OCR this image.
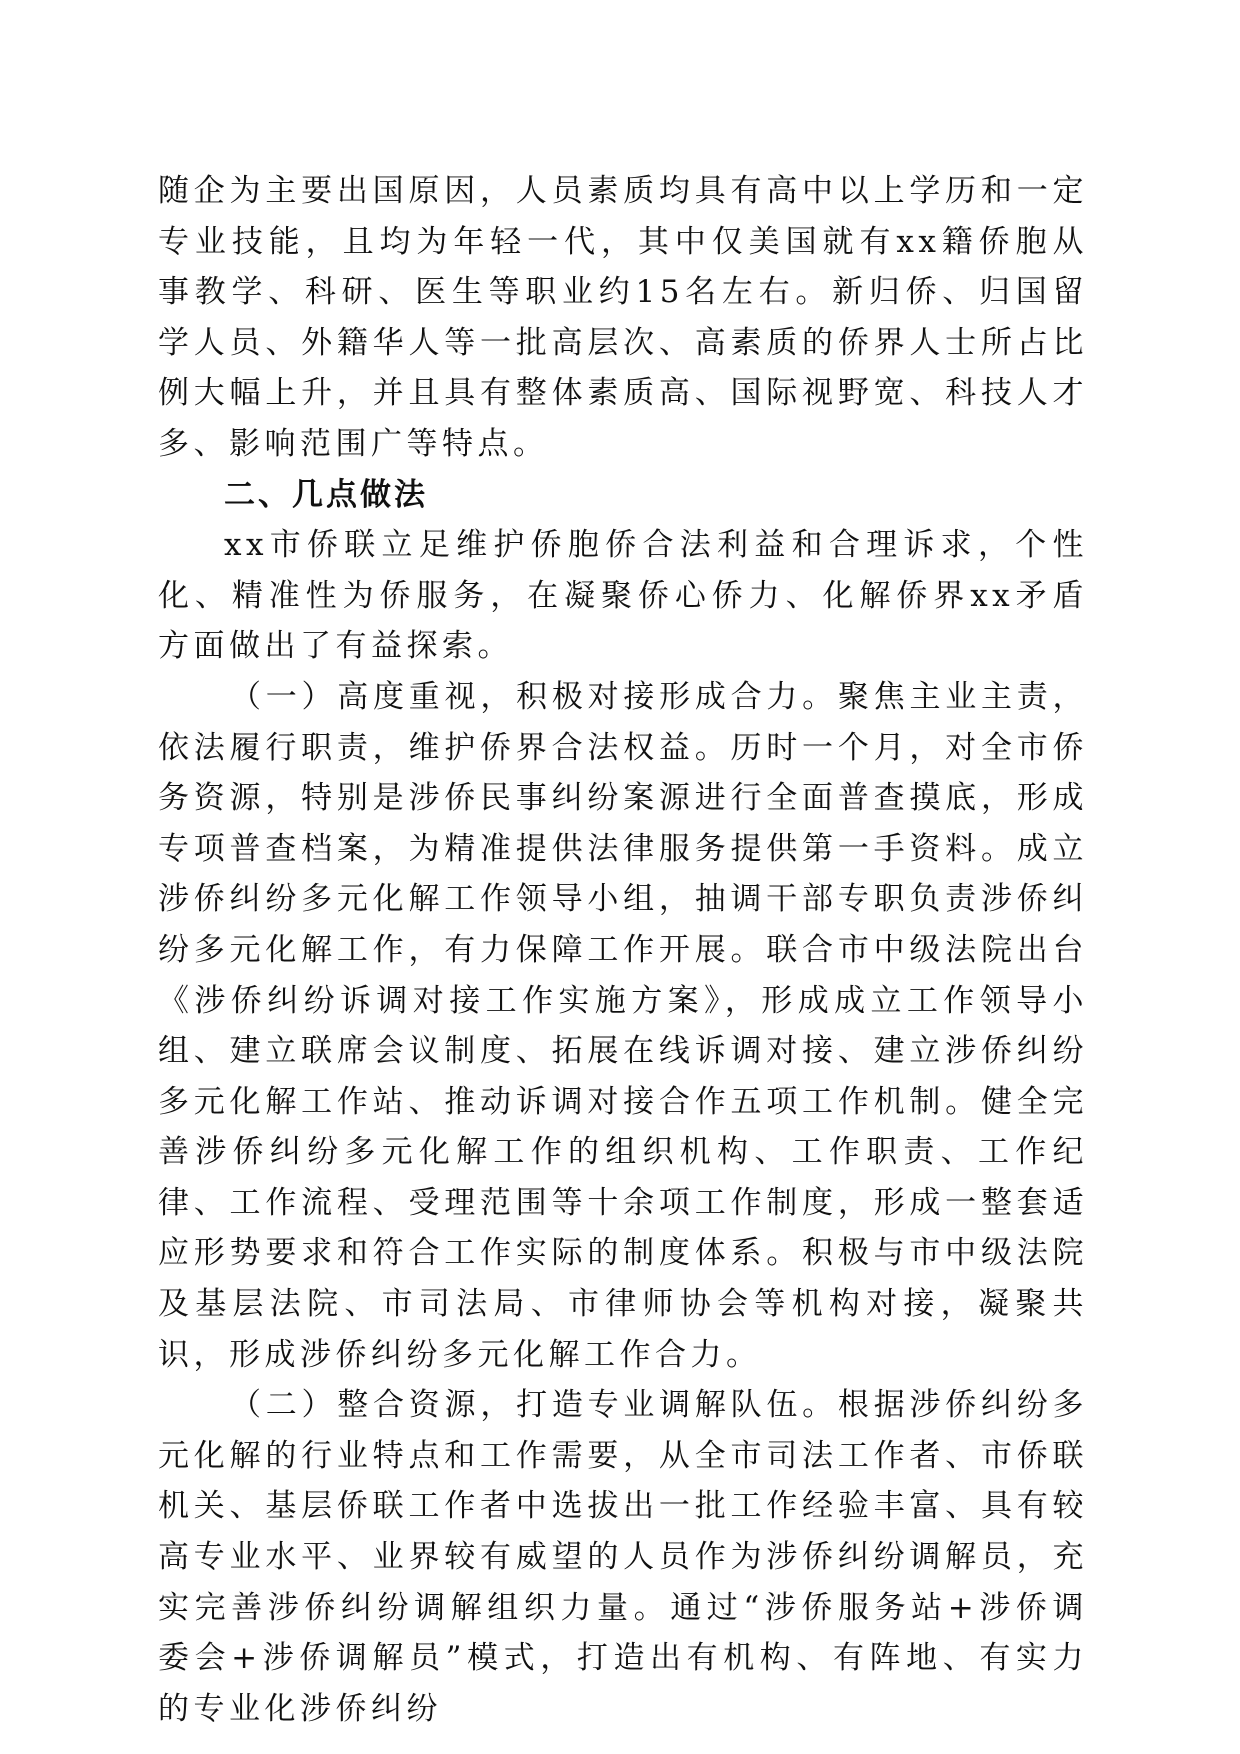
随企为主要出国原因，人员素质均具有高中以上学历和一定专业技能，且均为年轻一代，其中仅美国就有xx籍侨胞从事教学、科研、医生等职业约15名左右。新归侨、归国留学人员、外籍华人等一批高层次、高素质的侨界人士所占比例大幅上升，并且具有整体素质高、国际视野宽、科技人才多、影响范围广等特点。

二、几点做法

xx市侨联立足维护侨胞侨合法利益和合理诉求，个性化、精准性为侨服务，在凝聚侨心侨力、化解侨界xx矛盾方面做出了有益探索。

（一）高度重视，积极对接形成合力。聚焦主业主责，依法履行职责，维护侨界合法权益。历时一个月，对全市侨务资源，特别是涉侨民事纠纷案源进行全面普查摸底，形成专项普查档案，为精准提供法律服务提供第一手资料。成立涉侨纠纷多元化解工作领导小组，抽调干部专职负责涉侨纠纷多元化解工作，有力保障工作开展。联合市中级法院出台《涉侨纠纷诉调对接工作实施方案》，形成成立工作领导小组、建立联席会议制度、拓展在线诉调对接、建立涉侨纠纷多元化解工作站、推动诉调对接合作五项工作机制。健全完善涉侨纠纷多元化解工作的组织机构、工作职责、工作纪律、工作流程、受理范围等十余项工作制度，形成一整套适应形势要求和符合工作实际的制度体系。积极与市中级法院及基层法院、市司法局、市律师协会等机构对接，凝聚共识，形成涉侨纠纷多元化解工作合力。

（二）整合资源，打造专业调解队伍。根据涉侨纠纷多元化解的行业特点和工作需要，从全市司法工作者、市侨联机关、基层侨联工作者中选拔出一批工作经验丰富、具有较高专业水平、业界较有威望的人员作为涉侨纠纷调解员，充实完善涉侨纠纷调解组织力量。通过“涉侨服务站+涉侨调委会+涉侨调解员”模式，打造出有机构、有阵地、有实力的专业化涉侨纠纷
